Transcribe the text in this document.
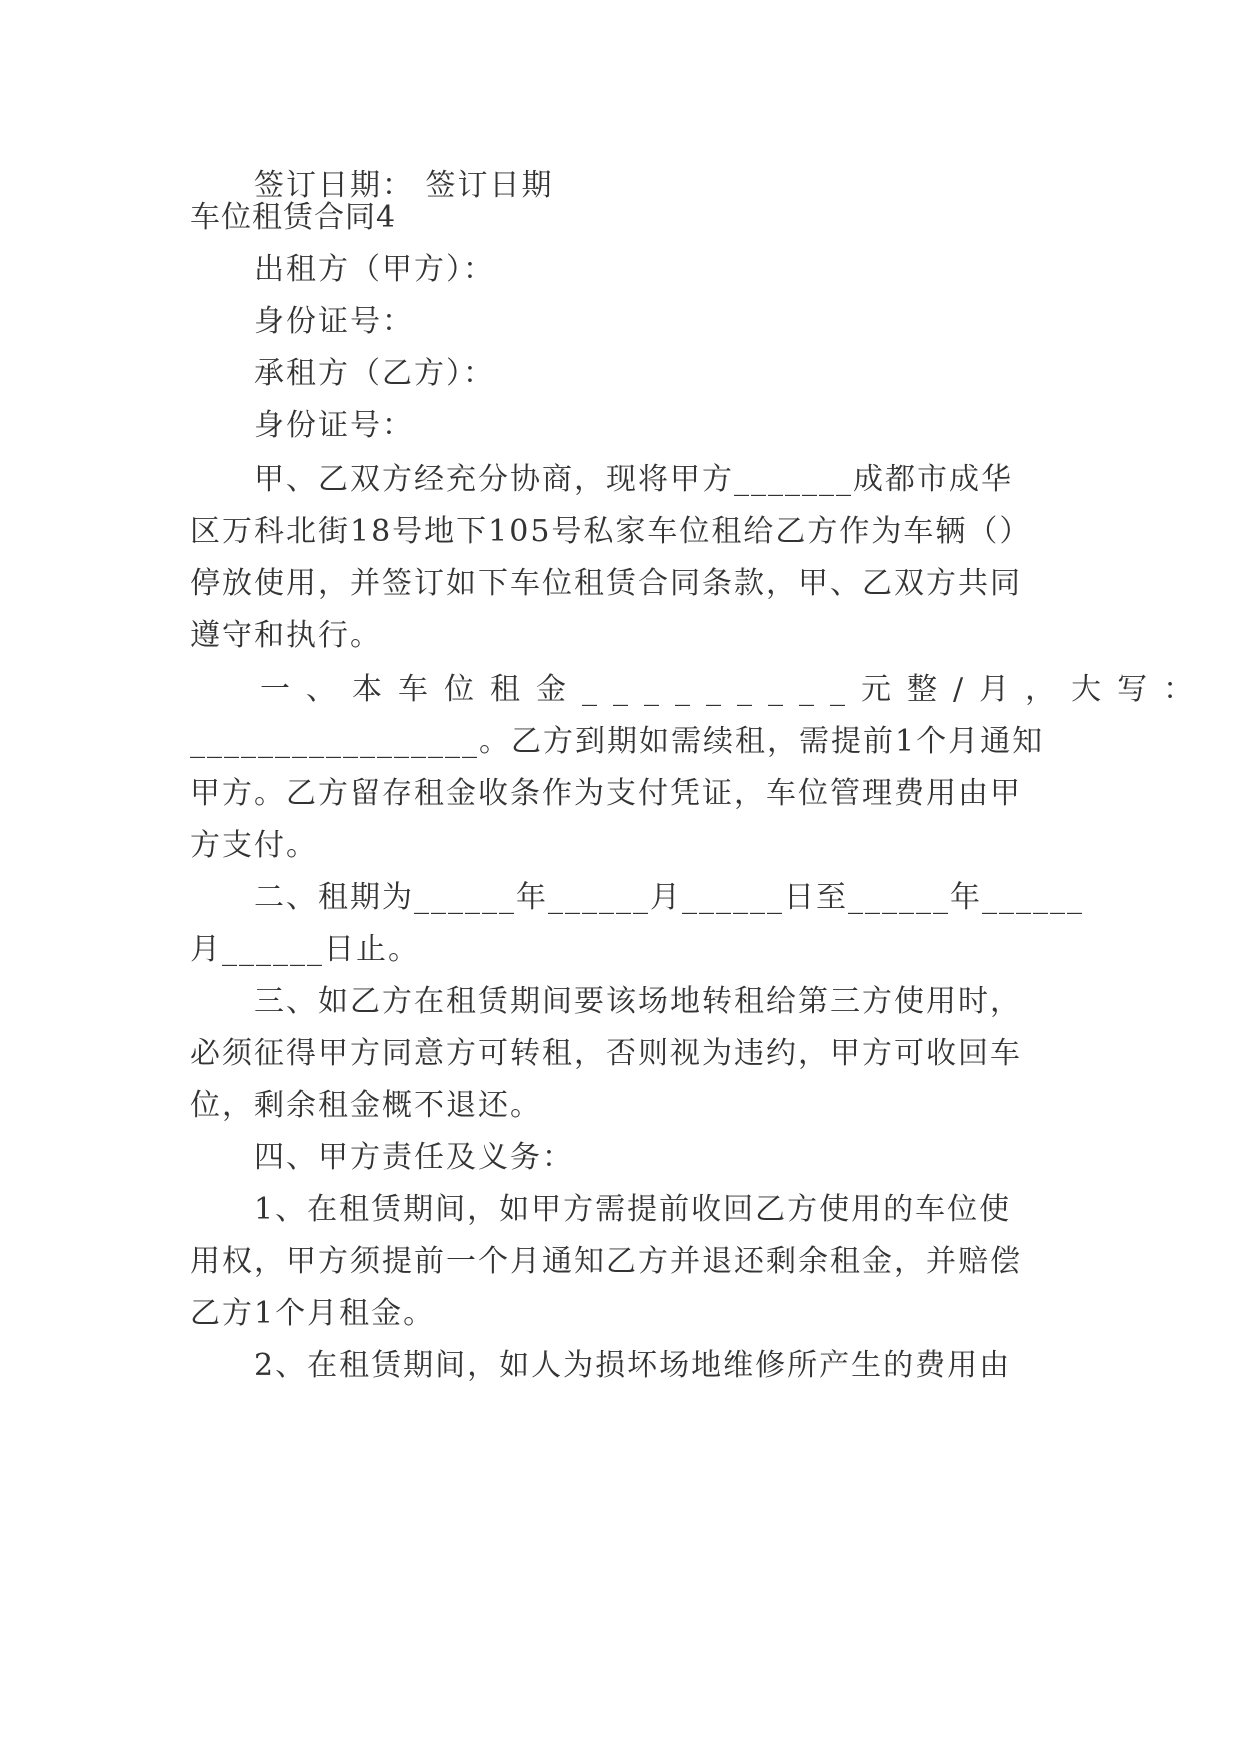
签订日期： 签订日期
车位租赁合同4
出租方（甲方）：
身份证号：
承租方（乙方）：
身份证号：
甲、乙双方经充分协商，现将甲方_______成都市成华
区万科北街18号地下105号私家车位租给乙方作为车辆（）
停放使用，并签订如下车位租赁合同条款，甲、乙双方共同
遵守和执行。
一、本车位租金_________元整/月，大写：
_________________。乙方到期如需续租，需提前1个月通知
甲方。乙方留存租金收条作为支付凭证，车位管理费用由甲
方支付。
二、租期为______年______月______日至______年______
月______日止。
三、如乙方在租赁期间要该场地转租给第三方使用时，
必须征得甲方同意方可转租，否则视为违约，甲方可收回车
位，剩余租金概不退还。
四、甲方责任及义务：
1、在租赁期间，如甲方需提前收回乙方使用的车位使
用权，甲方须提前一个月通知乙方并退还剩余租金，并赔偿
乙方1个月租金。
2、在租赁期间，如人为损坏场地维修所产生的费用由
